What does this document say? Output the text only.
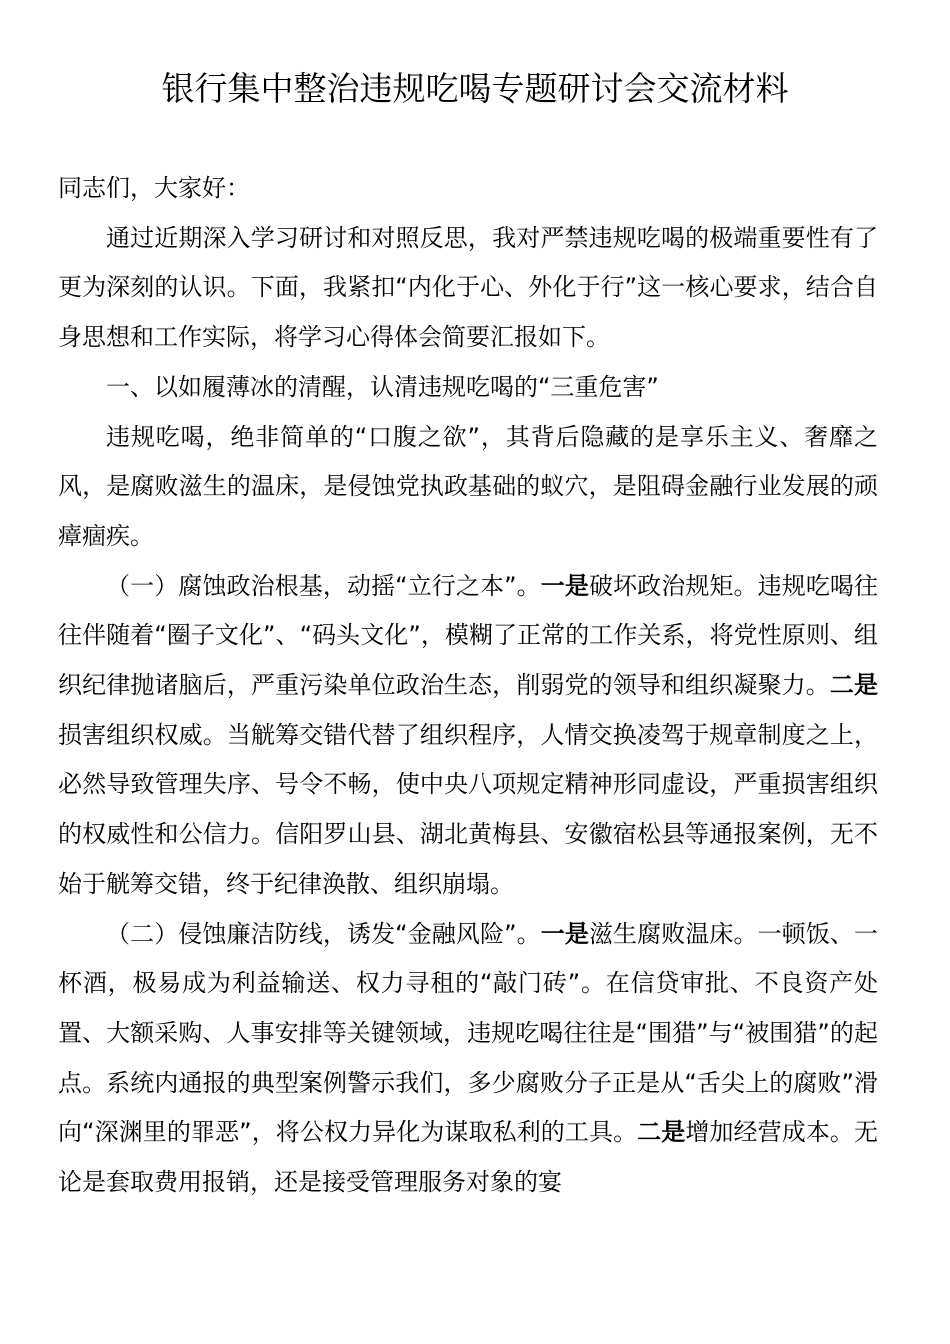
银行集中整治违规吃喝专题研讨会交流材料

同志们，大家好：

通过近期深入学习研讨和对照反思，我对严禁违规吃喝的极端重要性有了更为深刻的认识。下面，我紧扣“内化于心、外化于行”这一核心要求，结合自身思想和工作实际，将学习心得体会简要汇报如下。

一、以如履薄冰的清醒，认清违规吃喝的“三重危害”

违规吃喝，绝非简单的“口腹之欲”，其背后隐藏的是享乐主义、奢靡之风，是腐败滋生的温床，是侵蚀党执政基础的蚁穴，是阻碍金融行业发展的顽瘴痼疾。

（一）腐蚀政治根基，动摇“立行之本”。一是破坏政治规矩。违规吃喝往往伴随着“圈子文化”、“码头文化”，模糊了正常的工作关系，将党性原则、组织纪律抛诸脑后，严重污染单位政治生态，削弱党的领导和组织凝聚力。二是损害组织权威。当觥筹交错代替了组织程序，人情交换凌驾于规章制度之上，必然导致管理失序、号令不畅，使中央八项规定精神形同虚设，严重损害组织的权威性和公信力。信阳罗山县、湖北黄梅县、安徽宿松县等通报案例，无不始于觥筹交错，终于纪律涣散、组织崩塌。

（二）侵蚀廉洁防线，诱发“金融风险”。一是滋生腐败温床。一顿饭、一杯酒，极易成为利益输送、权力寻租的“敲门砖”。在信贷审批、不良资产处置、大额采购、人事安排等关键领域，违规吃喝往往是“围猎”与“被围猎”的起点。系统内通报的典型案例警示我们，多少腐败分子正是从“舌尖上的腐败”滑向“深渊里的罪恶”，将公权力异化为谋取私利的工具。二是增加经营成本。无论是套取费用报销，还是接受管理服务对象的宴
